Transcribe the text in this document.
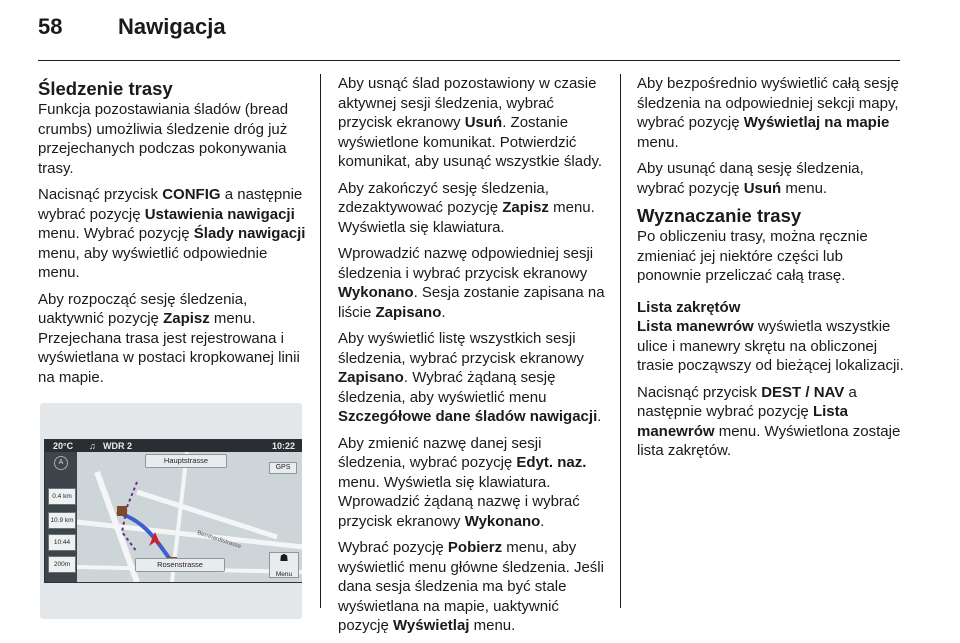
58	Nawigacja
Śledzenie trasy

Funkcja pozostawiania śladów (bread crumbs) umożliwia śledzenie dróg już przejechanych podczas pokonywania trasy.

Nacisnąć przycisk CONFIG a następnie wybrać pozycję Ustawienia nawigacji menu. Wybrać pozycję Ślady nawigacji menu, aby wyświetlić odpowiednie menu.

Aby rozpocząć sesję śledzenia, uaktywnić pozycję Zapisz menu. Przejechana trasa jest rejestrowana i wyświetlana w postaci kropkowanej linii na mapie.

20°C ♫ WDR 2	10:22
Bernhardtstrasse
Hauptstrasse
GPS
Rosenstrasse
A
0.4 km
10.9 km
10:44
200m
☗
Menu

Aby usnąć ślad pozostawiony w czasie aktywnej sesji śledzenia, wybrać przycisk ekranowy Usuń. Zostanie wyświetlone komunikat. Potwierdzić komunikat, aby usunąć wszystkie ślady.

Aby zakończyć sesję śledzenia, zdezaktywować pozycję Zapisz menu. Wyświetla się klawiatura.

Wprowadzić nazwę odpowiedniej sesji śledzenia i wybrać przycisk ekranowy Wykonano. Sesja zostanie zapisana na liście Zapisano.

Aby wyświetlić listę wszystkich sesji śledzenia, wybrać przycisk ekranowy Zapisano. Wybrać żądaną sesję śledzenia, aby wyświetlić menu Szczegółowe dane śladów nawigacji.

Aby zmienić nazwę danej sesji śledzenia, wybrać pozycję Edyt. naz. menu. Wyświetla się klawiatura. Wprowadzić żądaną nazwę i wybrać przycisk ekranowy Wykonano.

Wybrać pozycję Pobierz menu, aby wyświetlić menu główne śledzenia. Jeśli dana sesja śledzenia ma być stale wyświetlana na mapie, uaktywnić pozycję Wyświetlaj menu.

Aby bezpośrednio wyświetlić całą sesję śledzenia na odpowiedniej sekcji mapy, wybrać pozycję Wyświetlaj na mapie menu.

Aby usunąć daną sesję śledzenia, wybrać pozycję Usuń menu.

Wyznaczanie trasy

Po obliczeniu trasy, można ręcznie zmieniać jej niektóre części lub ponownie przeliczać całą trasę.

Lista zakrętów

Lista manewrów wyświetla wszystkie ulice i manewry skrętu na obliczonej trasie począwszy od bieżącej lokalizacji.

Nacisnąć przycisk DEST / NAV a następnie wybrać pozycję Lista manewrów menu. Wyświetlona zostaje lista zakrętów.
